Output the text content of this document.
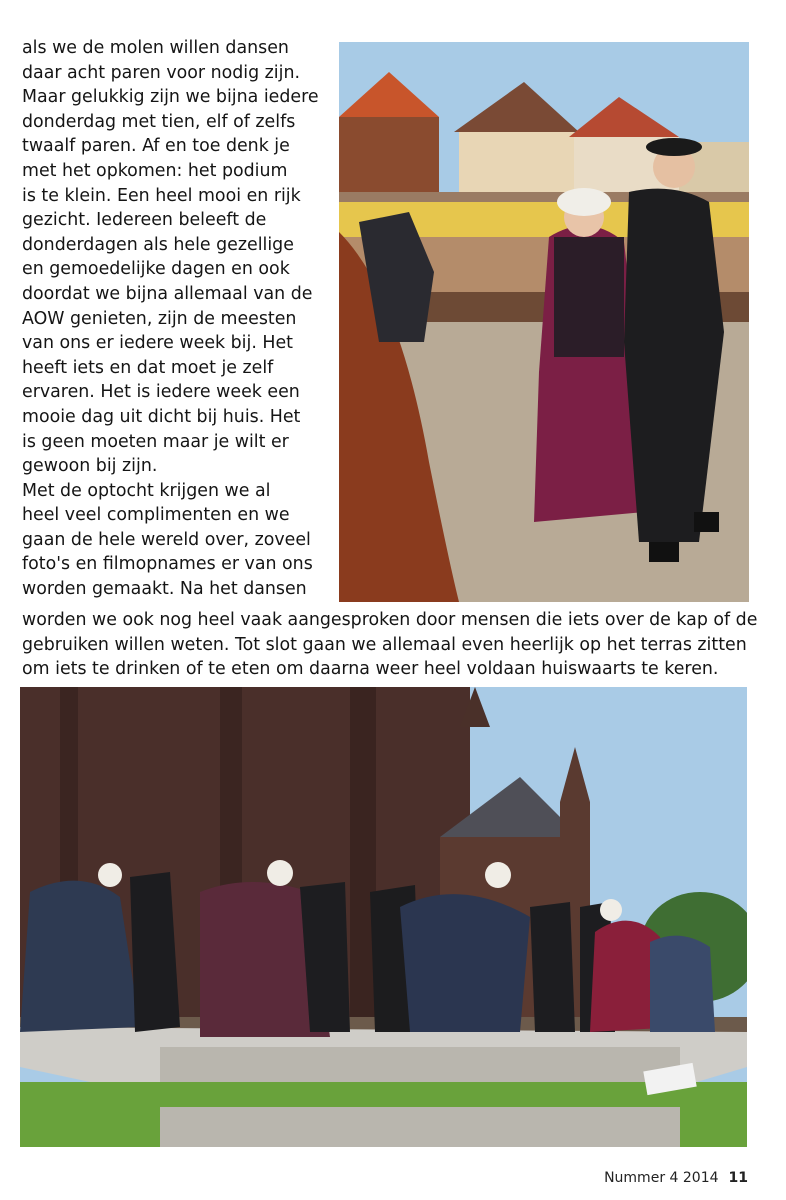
als we de molen willen dansen
daar acht paren voor nodig zijn.
Maar gelukkig zijn we bijna iedere
donderdag met tien, elf of zelfs
twaalf paren. Af en toe denk je
met het opkomen: het podium
is te klein. Een heel mooi en rijk
gezicht. Iedereen beleeft de
donderdagen als hele gezellige
en gemoedelijke dagen en ook
doordat we bijna allemaal van de
AOW genieten, zijn de meesten
van ons er iedere week bij. Het
heeft iets en dat moet je zelf
ervaren. Het is iedere week een
mooie dag uit dicht bij huis. Het
is geen moeten maar je wilt er
gewoon bij zijn.
Met de optocht krijgen we al
heel veel complimenten en we
gaan de hele wereld over, zoveel
foto's en filmopnames er van ons
worden gemaakt. Na het dansen
worden we ook nog heel vaak aangesproken door mensen die iets over de kap of de
gebruiken willen weten. Tot slot gaan we allemaal even heerlijk op het terras zitten
om iets te drinken of te eten om daarna weer heel voldaan huiswaarts te keren.
Nummer 4 2014 11
